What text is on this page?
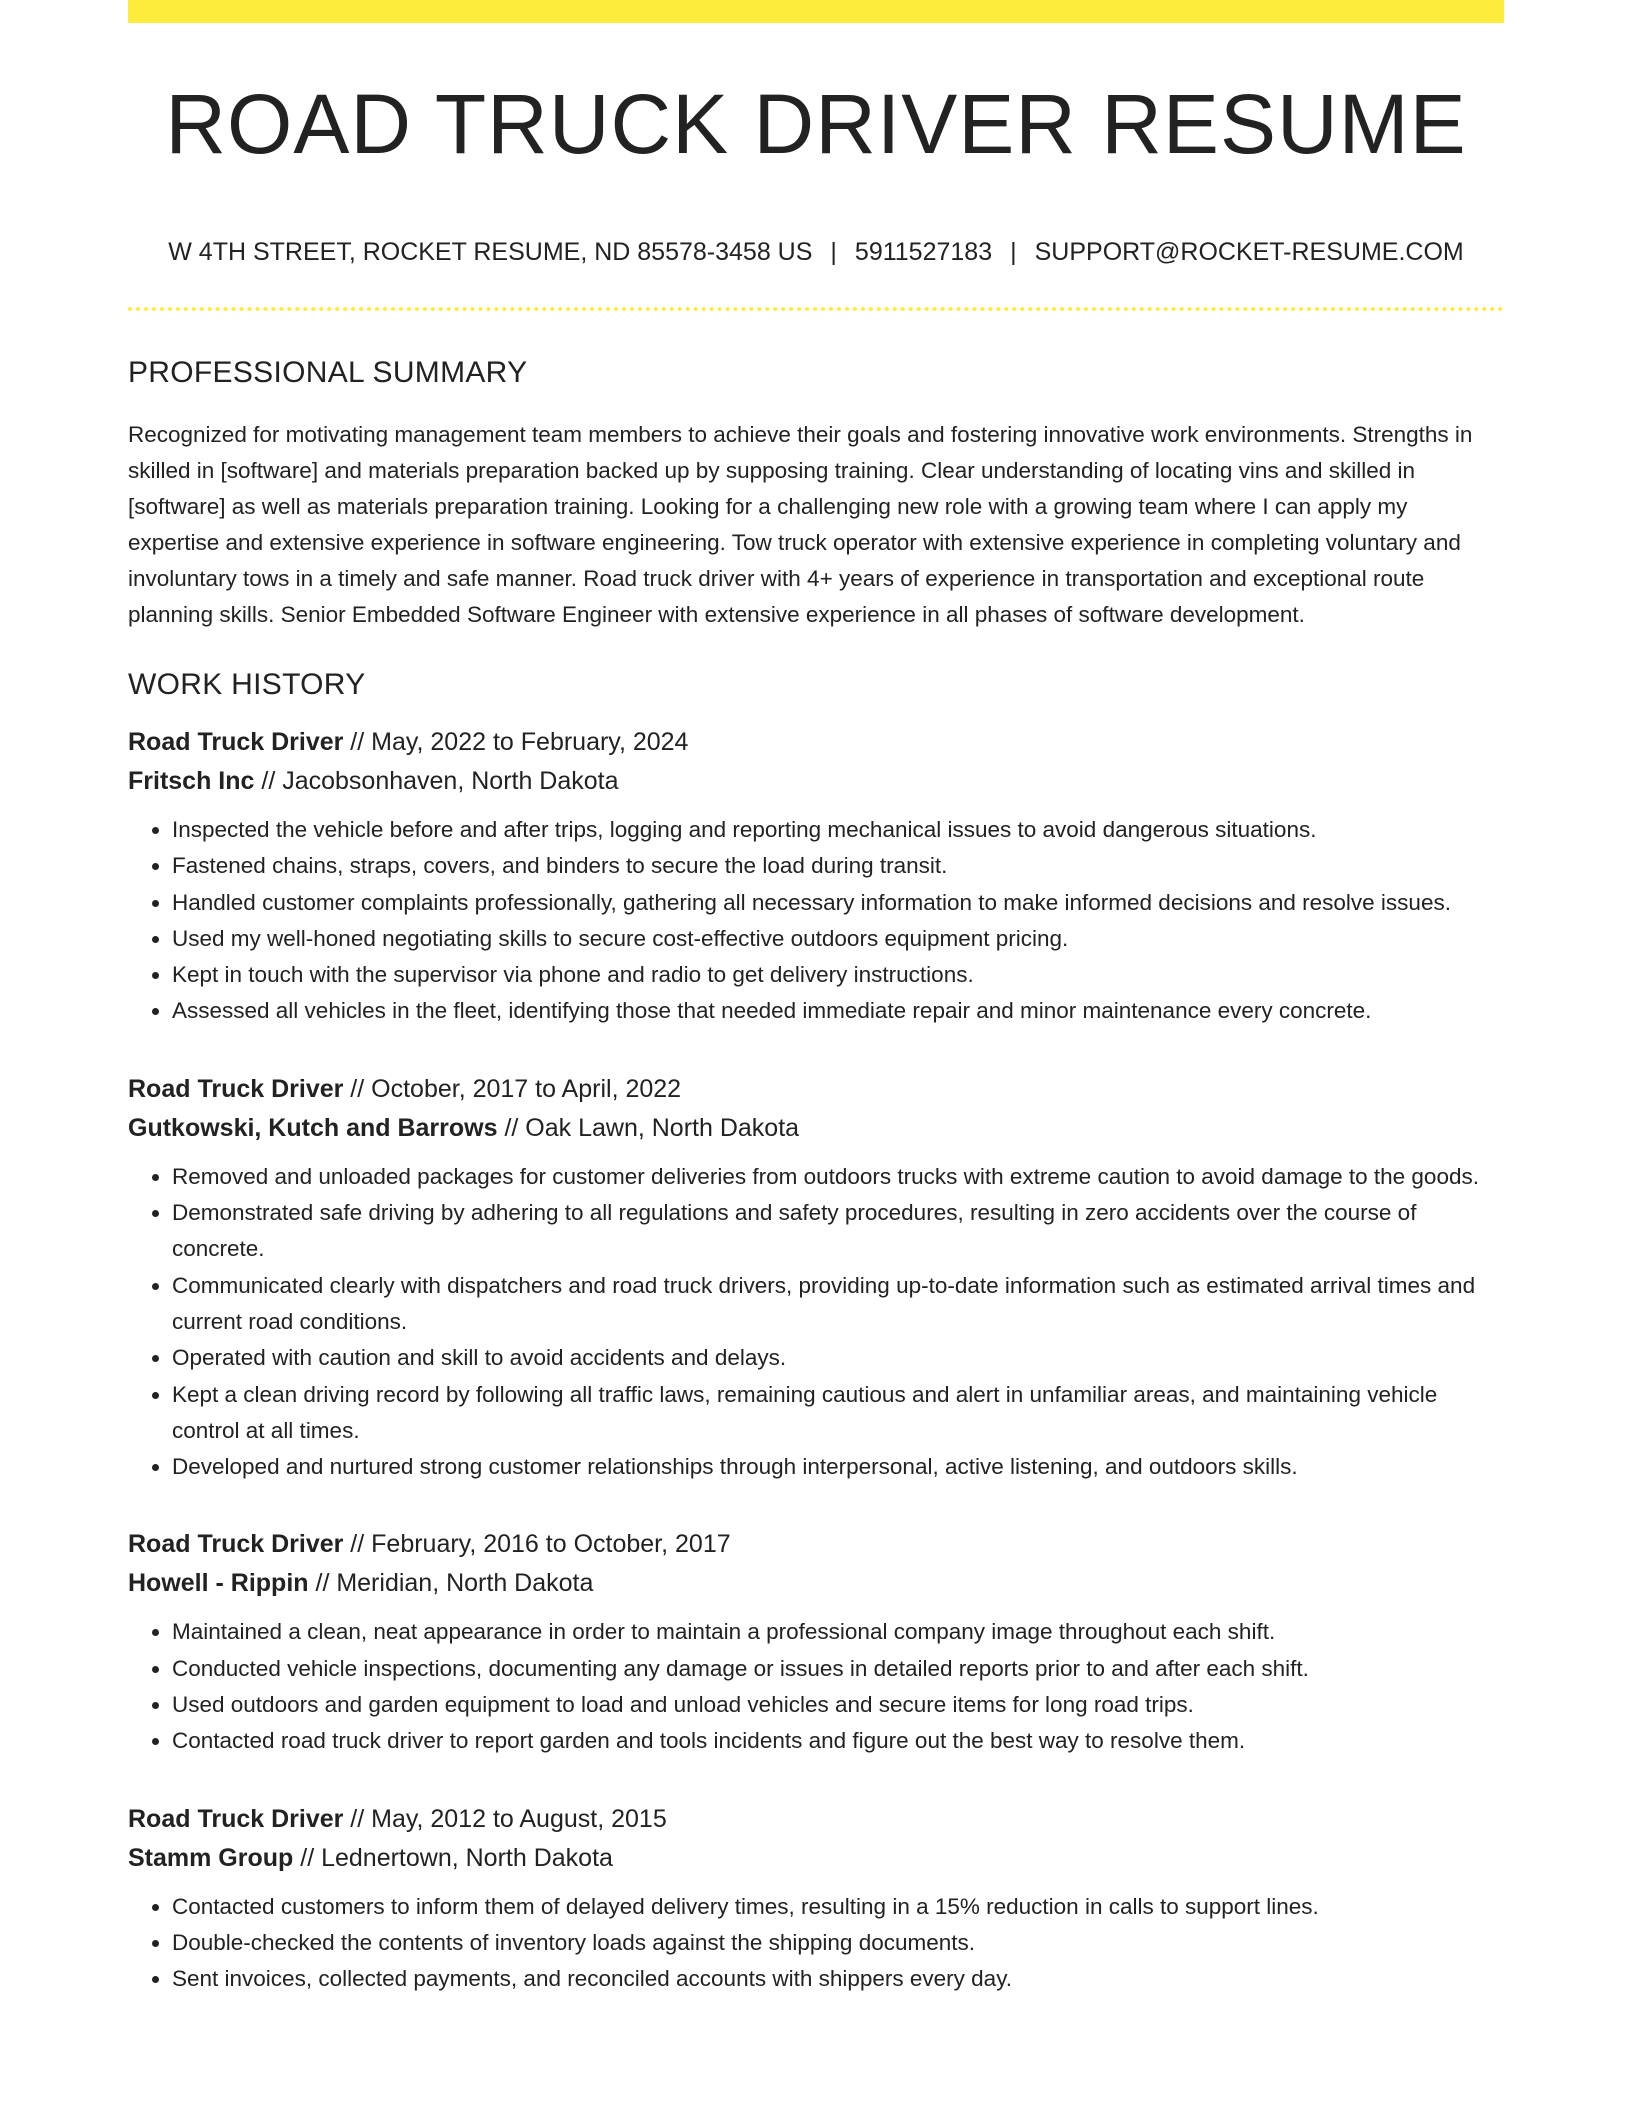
ROAD TRUCK DRIVER RESUME
W 4TH STREET, ROCKET RESUME, ND 85578-3458 US | 5911527183 | SUPPORT@ROCKET-RESUME.COM
PROFESSIONAL SUMMARY

Recognized for motivating management team members to achieve their goals and fostering innovative work environments. Strengths in skilled in [software] and materials preparation backed up by supposing training. Clear understanding of locating vins and skilled in [software] as well as materials preparation training. Looking for a challenging new role with a growing team where I can apply my expertise and extensive experience in software engineering. Tow truck operator with extensive experience in completing voluntary and involuntary tows in a timely and safe manner. Road truck driver with 4+ years of experience in transportation and exceptional route planning skills. Senior Embedded Software Engineer with extensive experience in all phases of software development.

WORK HISTORY
Road Truck Driver // May, 2022 to February, 2024
Fritsch Inc // Jacobsonhaven, North Dakota
• Inspected the vehicle before and after trips, logging and reporting mechanical issues to avoid dangerous situations.
• Fastened chains, straps, covers, and binders to secure the load during transit.
• Handled customer complaints professionally, gathering all necessary information to make informed decisions and resolve issues.
• Used my well-honed negotiating skills to secure cost-effective outdoors equipment pricing.
• Kept in touch with the supervisor via phone and radio to get delivery instructions.
• Assessed all vehicles in the fleet, identifying those that needed immediate repair and minor maintenance every concrete.
Road Truck Driver // October, 2017 to April, 2022
Gutkowski, Kutch and Barrows // Oak Lawn, North Dakota
• Removed and unloaded packages for customer deliveries from outdoors trucks with extreme caution to avoid damage to the goods.
• Demonstrated safe driving by adhering to all regulations and safety procedures, resulting in zero accidents over the course of concrete.
• Communicated clearly with dispatchers and road truck drivers, providing up-to-date information such as estimated arrival times and current road conditions.
• Operated with caution and skill to avoid accidents and delays.
• Kept a clean driving record by following all traffic laws, remaining cautious and alert in unfamiliar areas, and maintaining vehicle control at all times.
• Developed and nurtured strong customer relationships through interpersonal, active listening, and outdoors skills.
Road Truck Driver // February, 2016 to October, 2017
Howell - Rippin // Meridian, North Dakota
• Maintained a clean, neat appearance in order to maintain a professional company image throughout each shift.
• Conducted vehicle inspections, documenting any damage or issues in detailed reports prior to and after each shift.
• Used outdoors and garden equipment to load and unload vehicles and secure items for long road trips.
• Contacted road truck driver to report garden and tools incidents and figure out the best way to resolve them.
Road Truck Driver // May, 2012 to August, 2015
Stamm Group // Lednertown, North Dakota
• Contacted customers to inform them of delayed delivery times, resulting in a 15% reduction in calls to support lines.
• Double-checked the contents of inventory loads against the shipping documents.
• Sent invoices, collected payments, and reconciled accounts with shippers every day.
